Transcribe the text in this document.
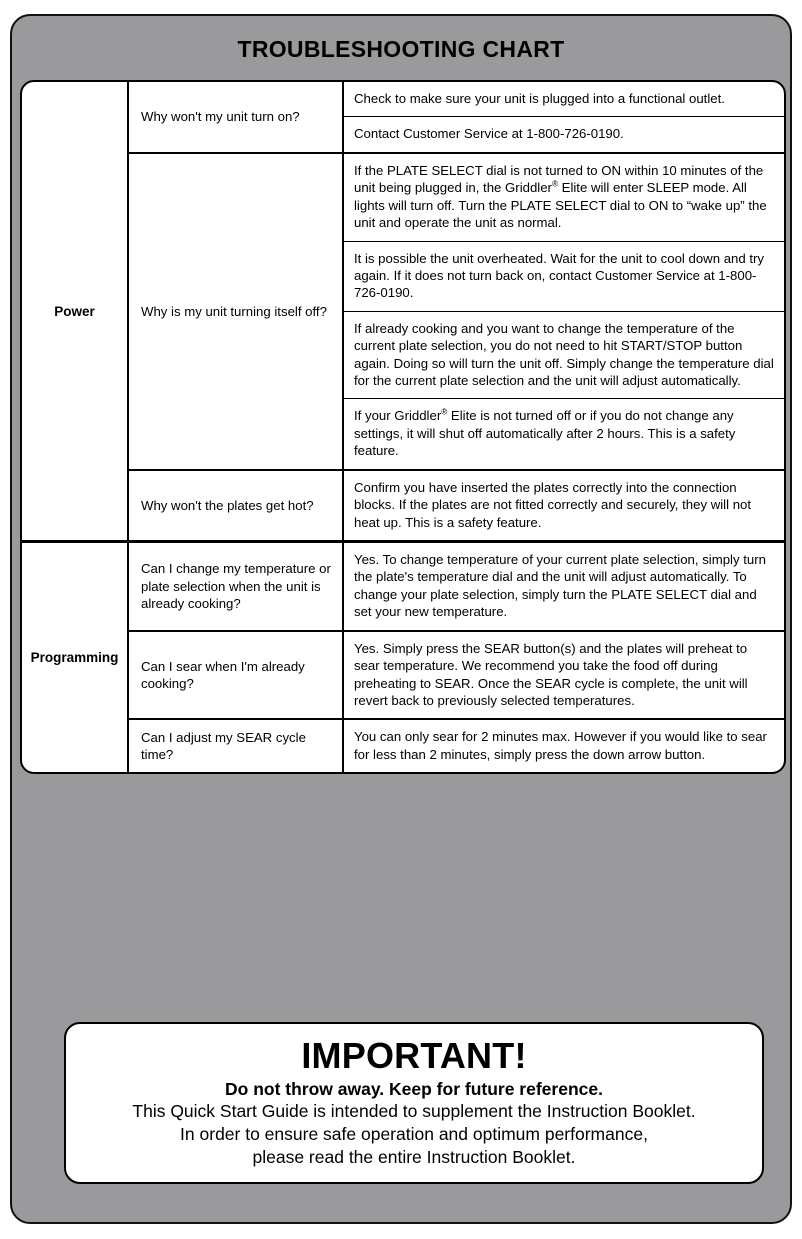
TROUBLESHOOTING CHART
Power
Why won't my unit turn on?
Check to make sure your unit is plugged into a functional outlet.
Contact Customer Service at 1-800-726-0190.
Why is my unit turning itself off?
If the PLATE SELECT dial is not turned to ON within 10 minutes of the unit being plugged in, the Griddler® Elite will enter SLEEP mode. All lights will turn off. Turn the PLATE SELECT dial to ON to “wake up” the unit and operate the unit as normal.
It is possible the unit overheated. Wait for the unit to cool down and try again. If it does not turn back on, contact Customer Service at 1-800-726-0190.
If already cooking and you want to change the temperature of the current plate selection, you do not need to hit START/STOP button again. Doing so will turn the unit off. Simply change the temperature dial for the current plate selection and the unit will adjust automatically.
If your Griddler® Elite is not turned off or if you do not change any settings, it will shut off automatically after 2 hours. This is a safety feature.
Why won't the plates get hot?
Confirm you have inserted the plates correctly into the connection blocks. If the plates are not fitted correctly and securely, they will not heat up. This is a safety feature.
Programming
Can I change my temperature or plate selection when the unit is already cooking?
Yes. To change temperature of your current plate selection, simply turn the plate's temperature dial and the unit will adjust automatically. To change your plate selection, simply turn the PLATE SELECT dial and set your new temperature.
Can I sear when I'm already cooking?
Yes. Simply press the SEAR button(s) and the plates will preheat to sear temperature. We recommend you take the food off during preheating to SEAR. Once the SEAR cycle is complete, the unit will revert back to previously selected temperatures.
Can I adjust my SEAR cycle time?
You can only sear for 2 minutes max. However if you would like to sear for less than 2 minutes, simply press the down arrow button.
IMPORTANT!
Do not throw away. Keep for future reference.
This Quick Start Guide is intended to supplement the Instruction Booklet.
In order to ensure safe operation and optimum performance,
please read the entire Instruction Booklet.
